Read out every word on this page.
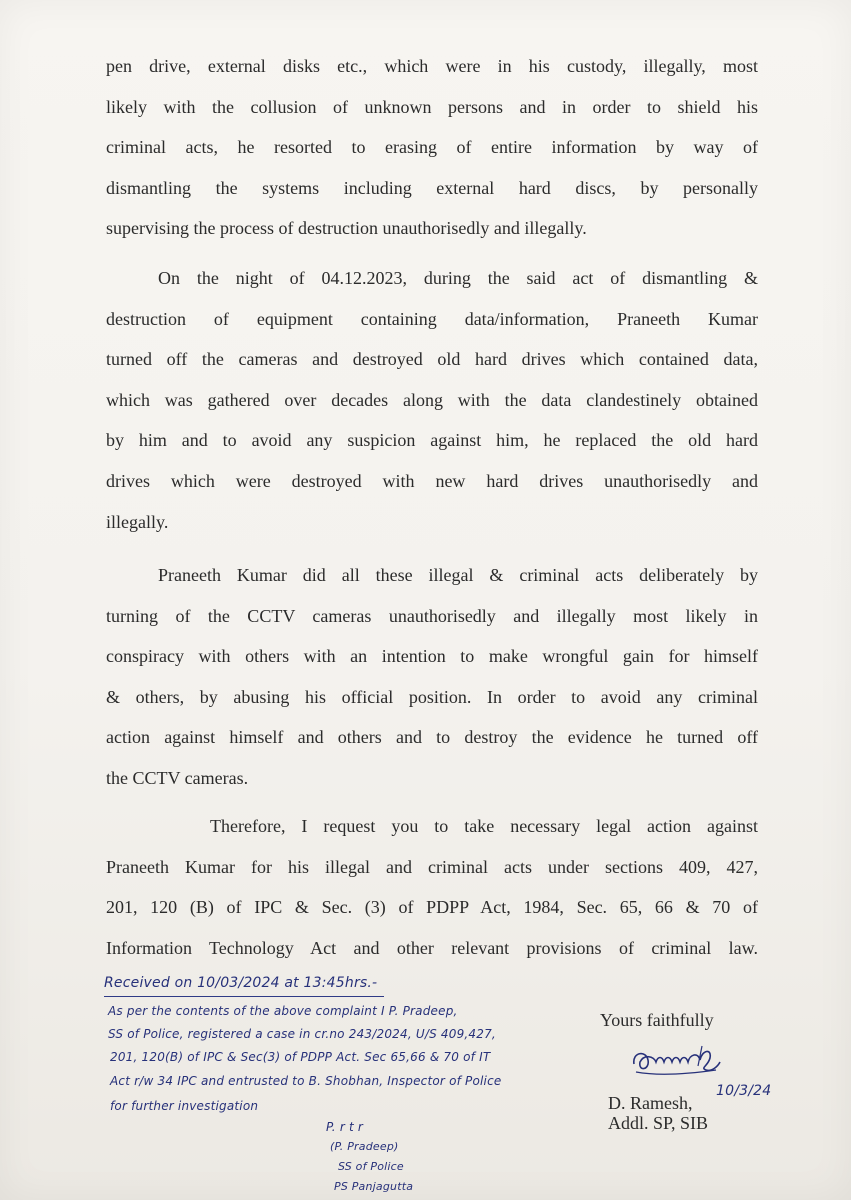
pen drive, external disks etc., which were in his custody, illegally, most
likely with the collusion of unknown persons and in order to shield his
criminal acts, he resorted to erasing of entire information by way of
dismantling the systems including external hard discs, by personally
supervising the process of destruction unauthorisedly and illegally.
On the night of 04.12.2023, during the said act of dismantling &
destruction of equipment containing data/information, Praneeth Kumar
turned off the cameras and destroyed old hard drives which contained data,
which was gathered over decades along with the data clandestinely obtained
by him and to avoid any suspicion against him, he replaced the old hard
drives which were destroyed with new hard drives unauthorisedly and
illegally.
Praneeth Kumar did all these illegal & criminal acts deliberately by
turning of the CCTV cameras unauthorisedly and illegally most likely in
conspiracy with others with an intention to make wrongful gain for himself
& others, by abusing his official position. In order to avoid any criminal
action against himself and others and to destroy the evidence he turned off
the CCTV cameras.
Therefore, I request you to take necessary legal action against
Praneeth Kumar for his illegal and criminal acts under sections 409, 427,
201, 120 (B) of IPC & Sec. (3) of PDPP Act, 1984, Sec. 65, 66 & 70 of
Information Technology Act and other relevant provisions of criminal law.
Received on 10/03/2024 at 13:45hrs.-
As per the contents of the above complaint I P. Pradeep,
SS of Police, registered a case in cr.no 243/2024, U/S 409,427,
201, 120(B) of IPC & Sec(3) of PDPP Act. Sec 65,66 & 70 of IT
Act r/w 34 IPC and entrusted to B. Shobhan, Inspector of Police
for further investigation
P. r t r
(P. Pradeep)
SS of Police
PS Panjagutta
Yours faithfully
D. Ramesh,
10/3/24
Addl. SP, SIB
